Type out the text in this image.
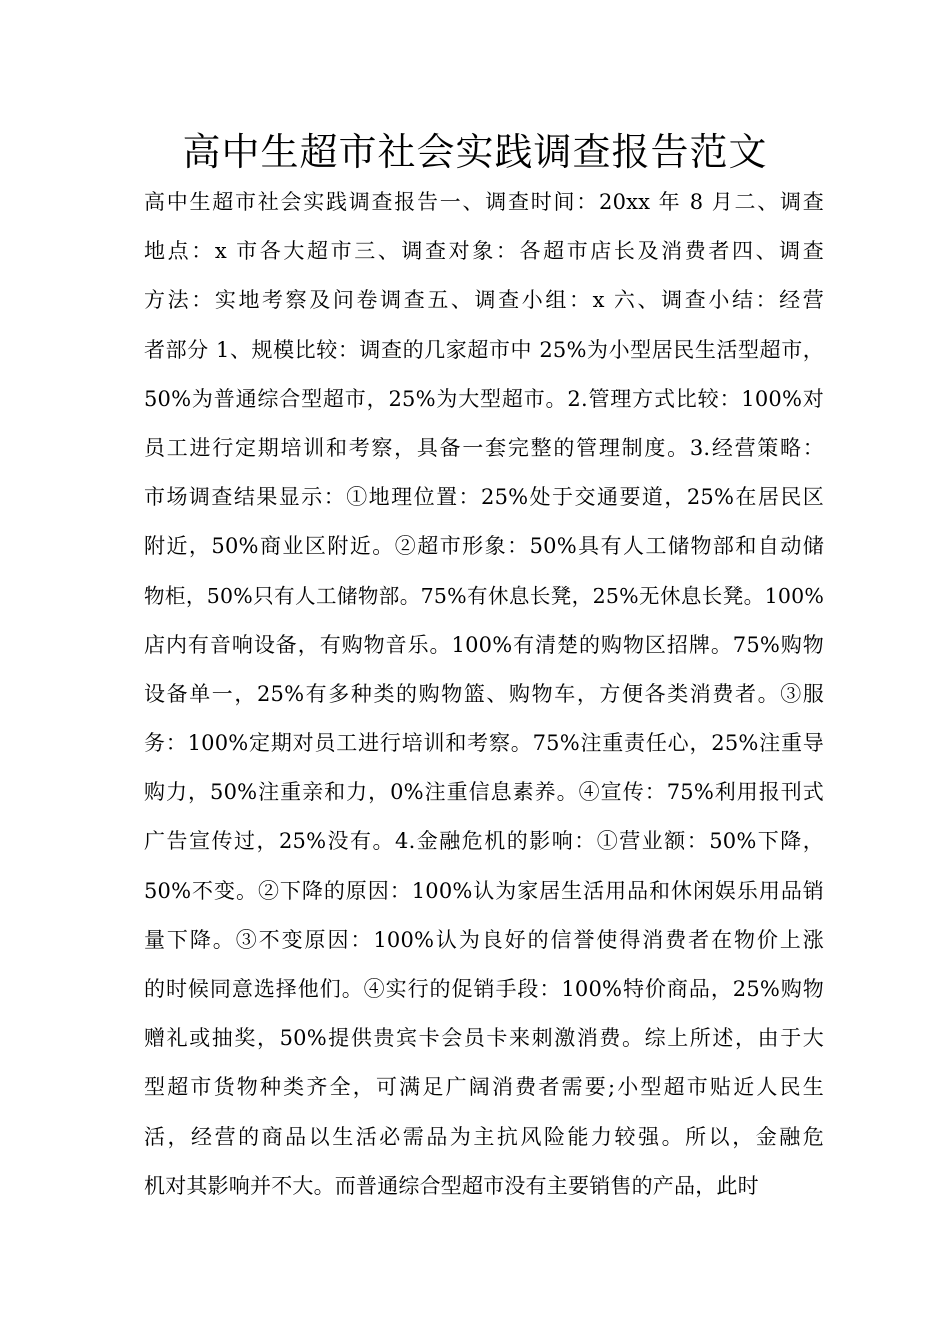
高中生超市社会实践调查报告范文
高中生超市社会实践调查报告一、调查时间：20xx 年 8 月二、调查
地点：x 市各大超市三、调查对象：各超市店长及消费者四、调查
方法：实地考察及问卷调查五、调查小组：x 六、调查小结：经营
者部分 1、规模比较：调查的几家超市中 25%为小型居民生活型超市，
50%为普通综合型超市，25%为大型超市。2.管理方式比较：100%对
员工进行定期培训和考察，具备一套完整的管理制度。3.经营策略：
市场调查结果显示：①地理位置：25%处于交通要道，25%在居民区
附近，50%商业区附近。②超市形象：50%具有人工储物部和自动储
物柜，50%只有人工储物部。75%有休息长凳，25%无休息长凳。100%
店内有音响设备，有购物音乐。100%有清楚的购物区招牌。75%购物
设备单一，25%有多种类的购物篮、购物车，方便各类消费者。③服
务：100%定期对员工进行培训和考察。75%注重责任心，25%注重导
购力，50%注重亲和力，0%注重信息素养。④宣传：75%利用报刊式
广告宣传过，25%没有。4.金融危机的影响：①营业额：50%下降，
50%不变。②下降的原因：100%认为家居生活用品和休闲娱乐用品销
量下降。③不变原因：100%认为良好的信誉使得消费者在物价上涨
的时候同意选择他们。④实行的促销手段：100%特价商品，25%购物
赠礼或抽奖，50%提供贵宾卡会员卡来刺激消费。综上所述，由于大
型超市货物种类齐全，可满足广阔消费者需要;小型超市贴近人民生
活，经营的商品以生活必需品为主抗风险能力较强。所以，金融危
机对其影响并不大。而普通综合型超市没有主要销售的产品，此时
